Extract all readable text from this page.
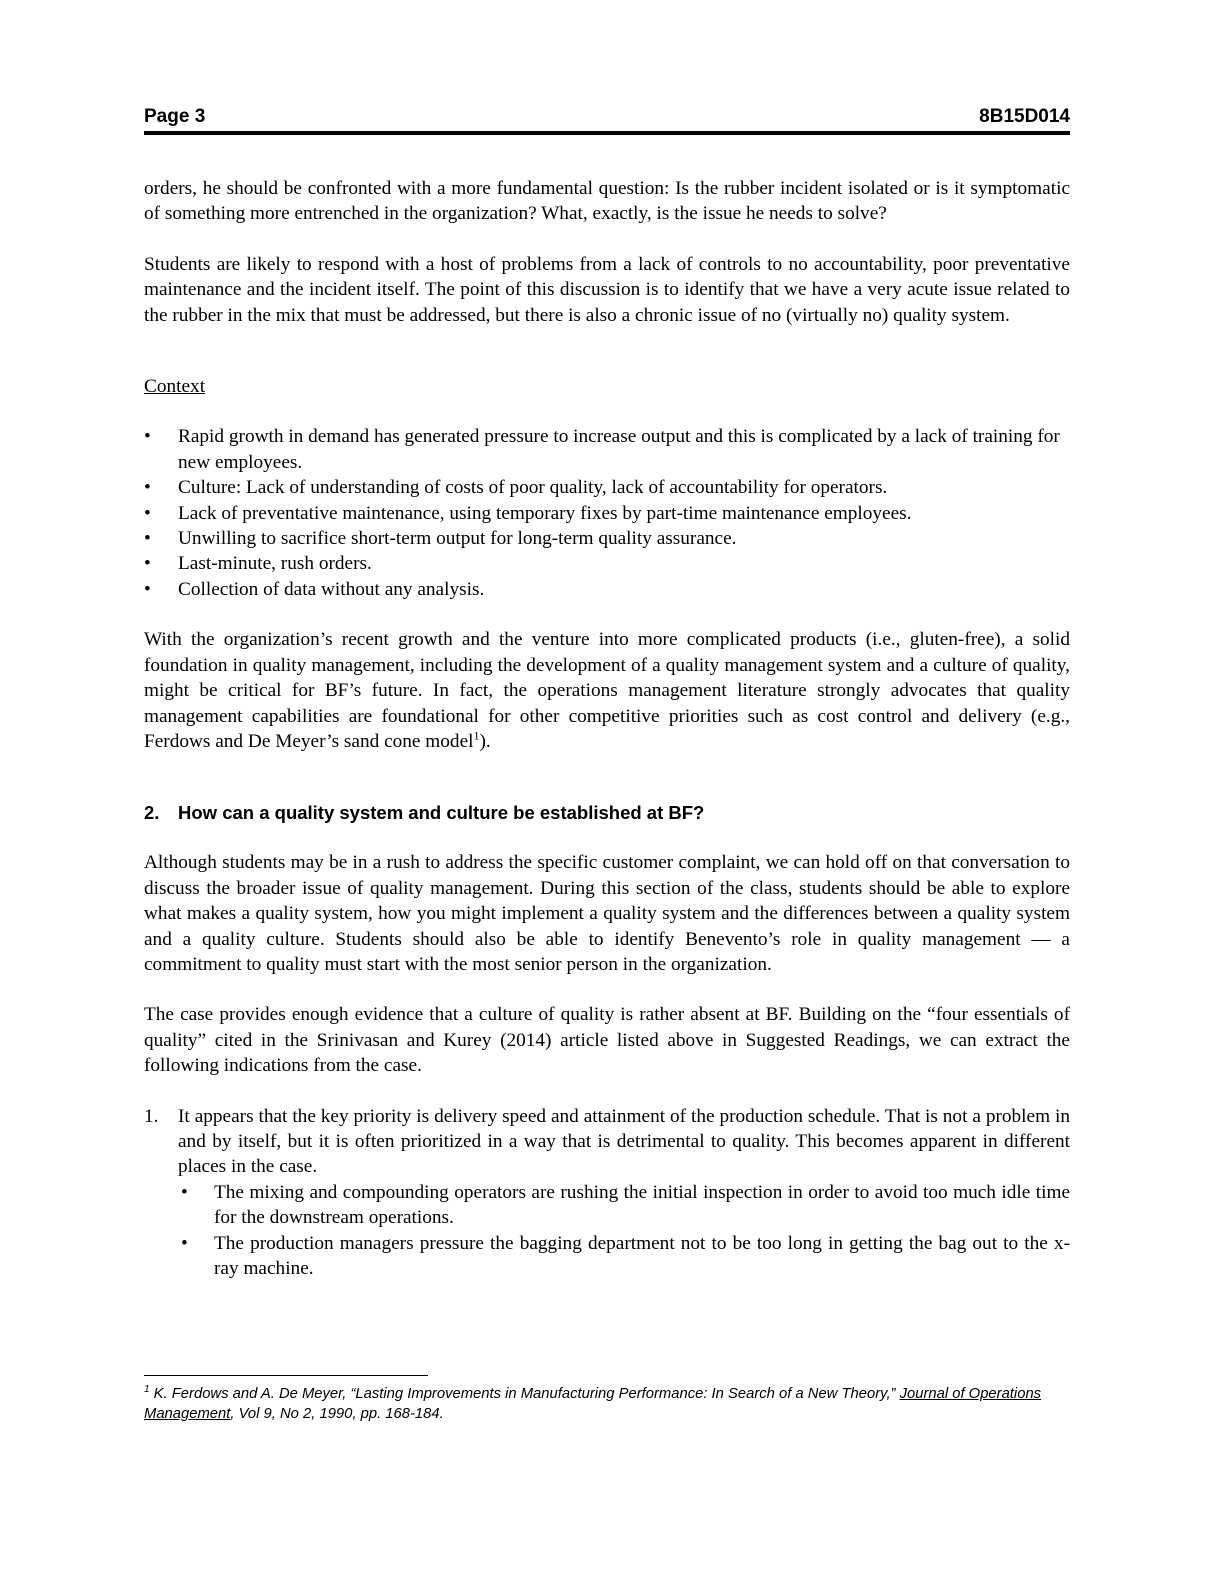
Page 3	8B15D014

orders, he should be confronted with a more fundamental question: Is the rubber incident isolated or is it symptomatic of something more entrenched in the organization? What, exactly, is the issue he needs to solve?

Students are likely to respond with a host of problems from a lack of controls to no accountability, poor preventative maintenance and the incident itself. The point of this discussion is to identify that we have a very acute issue related to the rubber in the mix that must be addressed, but there is also a chronic issue of no (virtually no) quality system.

Context

• Rapid growth in demand has generated pressure to increase output and this is complicated by a lack of training for new employees.
• Culture: Lack of understanding of costs of poor quality, lack of accountability for operators.
• Lack of preventative maintenance, using temporary fixes by part-time maintenance employees.
• Unwilling to sacrifice short-term output for long-term quality assurance.
• Last-minute, rush orders.
• Collection of data without any analysis.

With the organization’s recent growth and the venture into more complicated products (i.e., gluten-free), a solid foundation in quality management, including the development of a quality management system and a culture of quality, might be critical for BF’s future. In fact, the operations management literature strongly advocates that quality management capabilities are foundational for other competitive priorities such as cost control and delivery (e.g., Ferdows and De Meyer’s sand cone model$^1$).

2. How can a quality system and culture be established at BF?

Although students may be in a rush to address the specific customer complaint, we can hold off on that conversation to discuss the broader issue of quality management. During this section of the class, students should be able to explore what makes a quality system, how you might implement a quality system and the differences between a quality system and a quality culture. Students should also be able to identify Benevento’s role in quality management — a commitment to quality must start with the most senior person in the organization.

The case provides enough evidence that a culture of quality is rather absent at BF. Building on the “four essentials of quality” cited in the Srinivasan and Kurey (2014) article listed above in Suggested Readings, we can extract the following indications from the case.

1. It appears that the key priority is delivery speed and attainment of the production schedule. That is not a problem in and by itself, but it is often prioritized in a way that is detrimental to quality. This becomes apparent in different places in the case.
• The mixing and compounding operators are rushing the initial inspection in order to avoid too much idle time for the downstream operations.
• The production managers pressure the bagging department not to be too long in getting the bag out to the x-ray machine.
$^1$ K. Ferdows and A. De Meyer, “Lasting Improvements in Manufacturing Performance: In Search of a New Theory,” Journal of Operations Management, Vol 9, No 2, 1990, pp. 168-184.
